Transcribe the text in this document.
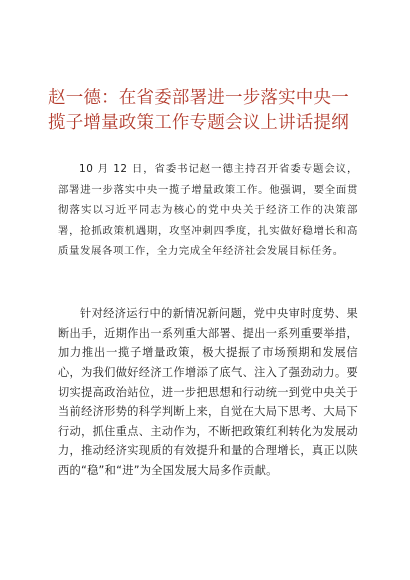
赵一德：在省委部署进一步落实中央一揽子增量政策工作专题会议上讲话提纲

10 月 12 日，省委书记赵一德主持召开省委专题会议，部署进一步落实中央一揽子增量政策工作。他强调，要全面贯彻落实以习近平同志为核心的党中央关于经济工作的决策部署，抢抓政策机遇期，攻坚冲刺四季度，扎实做好稳增长和高质量发展各项工作，全力完成全年经济社会发展目标任务。

针对经济运行中的新情况新问题，党中央审时度势、果断出手，近期作出一系列重大部署、提出一系列重要举措，加力推出一揽子增量政策，极大提振了市场预期和发展信心，为我们做好经济工作增添了底气、注入了强劲动力。要切实提高政治站位，进一步把思想和行动统一到党中央关于当前经济形势的科学判断上来，自觉在大局下思考、大局下行动，抓住重点、主动作为，不断把政策红利转化为发展动力，推动经济实现质的有效提升和量的合理增长，真正以陕西的“稳”和“进”为全国发展大局多作贡献。
